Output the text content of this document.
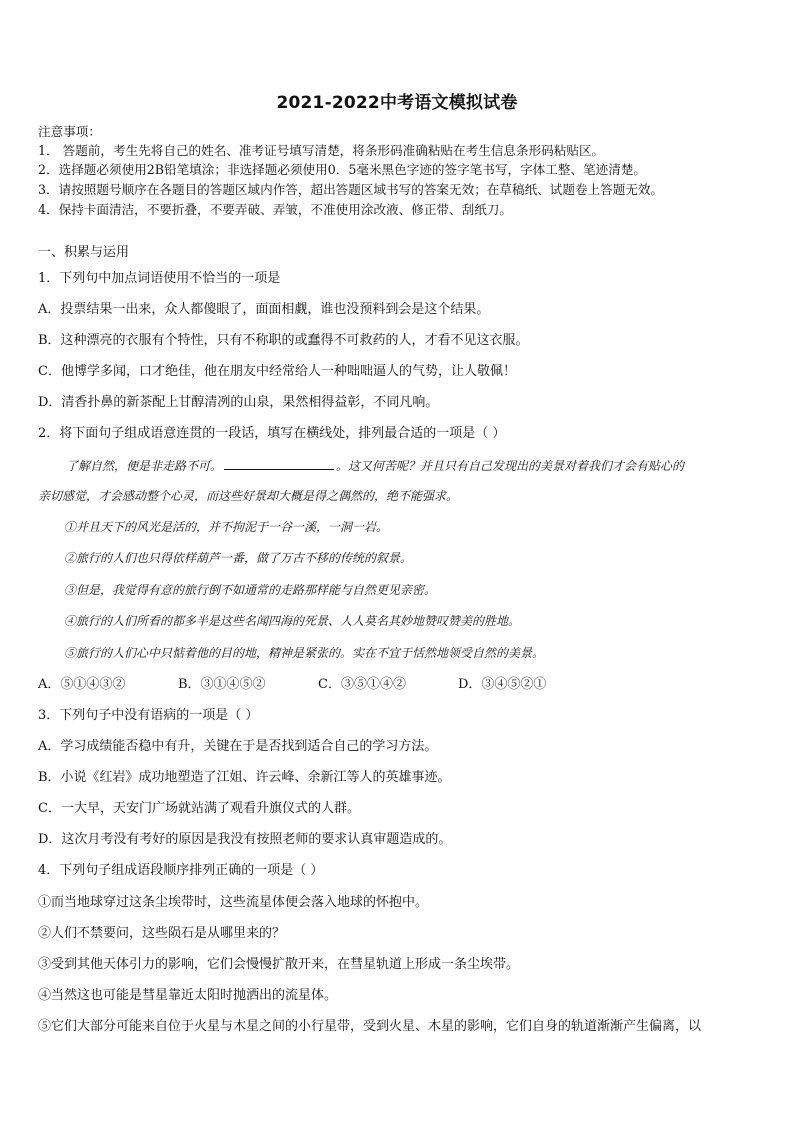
2021-2022中考语文模拟试卷
注意事项：
1． 答题前，考生先将自己的姓名、准考证号填写清楚，将条形码准确粘贴在考生信息条形码粘贴区。
2．选择题必须使用2B铅笔填涂；非选择题必须使用0．5毫米黑色字迹的签字笔书写，字体工整、笔迹清楚。
3．请按照题号顺序在各题目的答题区域内作答，超出答题区域书写的答案无效；在草稿纸、试题卷上答题无效。
4．保持卡面清洁，不要折叠，不要弄破、弄皱，不准使用涂改液、修正带、刮纸刀。
一、积累与运用
1．下列句中加点词语使用不恰当的一项是
A．投票结果一出来，众人都傻眼了，面面相觑，谁也没预料到会是这个结果。
B．这种漂亮的衣服有个特性，只有不称职的或蠢得不可救药的人，才看不见这衣服。
C．他博学多闻，口才绝佳，他在朋友中经常给人一种咄咄逼人的气势，让人敬佩！
D．清香扑鼻的新茶配上甘醇清冽的山泉，果然相得益彰，不同凡响。
2．将下面句子组成语意连贯的一段话，填写在横线处，排列最合适的一项是（ ）
了解自然，便是非走路不可。	。这又何苦呢？并且只有自己发现出的美景对着我们才会有贴心的
亲切感觉，才会感动整个心灵，而这些好景却大概是得之偶然的，绝不能强求。
①并且天下的风光是活的，并不拘泥于一谷一溪，一洞一岩。
②旅行的人们也只得依样葫芦一番，做了万古不移的传统的叙景。
③但是，我觉得有意的旅行倒不如通常的走路那样能与自然更见亲密。
④旅行的人们所看的都多半是这些名闻四海的死景、人人莫名其妙地赞叹赞美的胜地。
⑤旅行的人们心中只惦着他的目的地，精神是紧张的。实在不宜于恬然地领受自然的美景。
A．⑤①④③②	B．③①④⑤②	C．③⑤①④②	D．③④⑤②①
3．下列句子中没有语病的一项是（ ）
A．学习成绩能否稳中有升，关键在于是否找到适合自己的学习方法。
B．小说《红岩》成功地塑造了江姐、许云峰、余新江等人的英雄事迹。
C．一大早，天安门广场就站满了观看升旗仪式的人群。
D．这次月考没有考好的原因是我没有按照老师的要求认真审题造成的。
4．下列句子组成语段顺序排列正确的一项是（ ）
①而当地球穿过这条尘埃带时，这些流星体便会落入地球的怀抱中。
②人们不禁要问，这些陨石是从哪里来的？
③受到其他天体引力的影响，它们会慢慢扩散开来，在彗星轨道上形成一条尘埃带。
④当然这也可能是彗星靠近太阳时抛洒出的流星体。
⑤它们大部分可能来自位于火星与木星之间的小行星带，受到火星、木星的影响，它们自身的轨道渐渐产生偏离，以
